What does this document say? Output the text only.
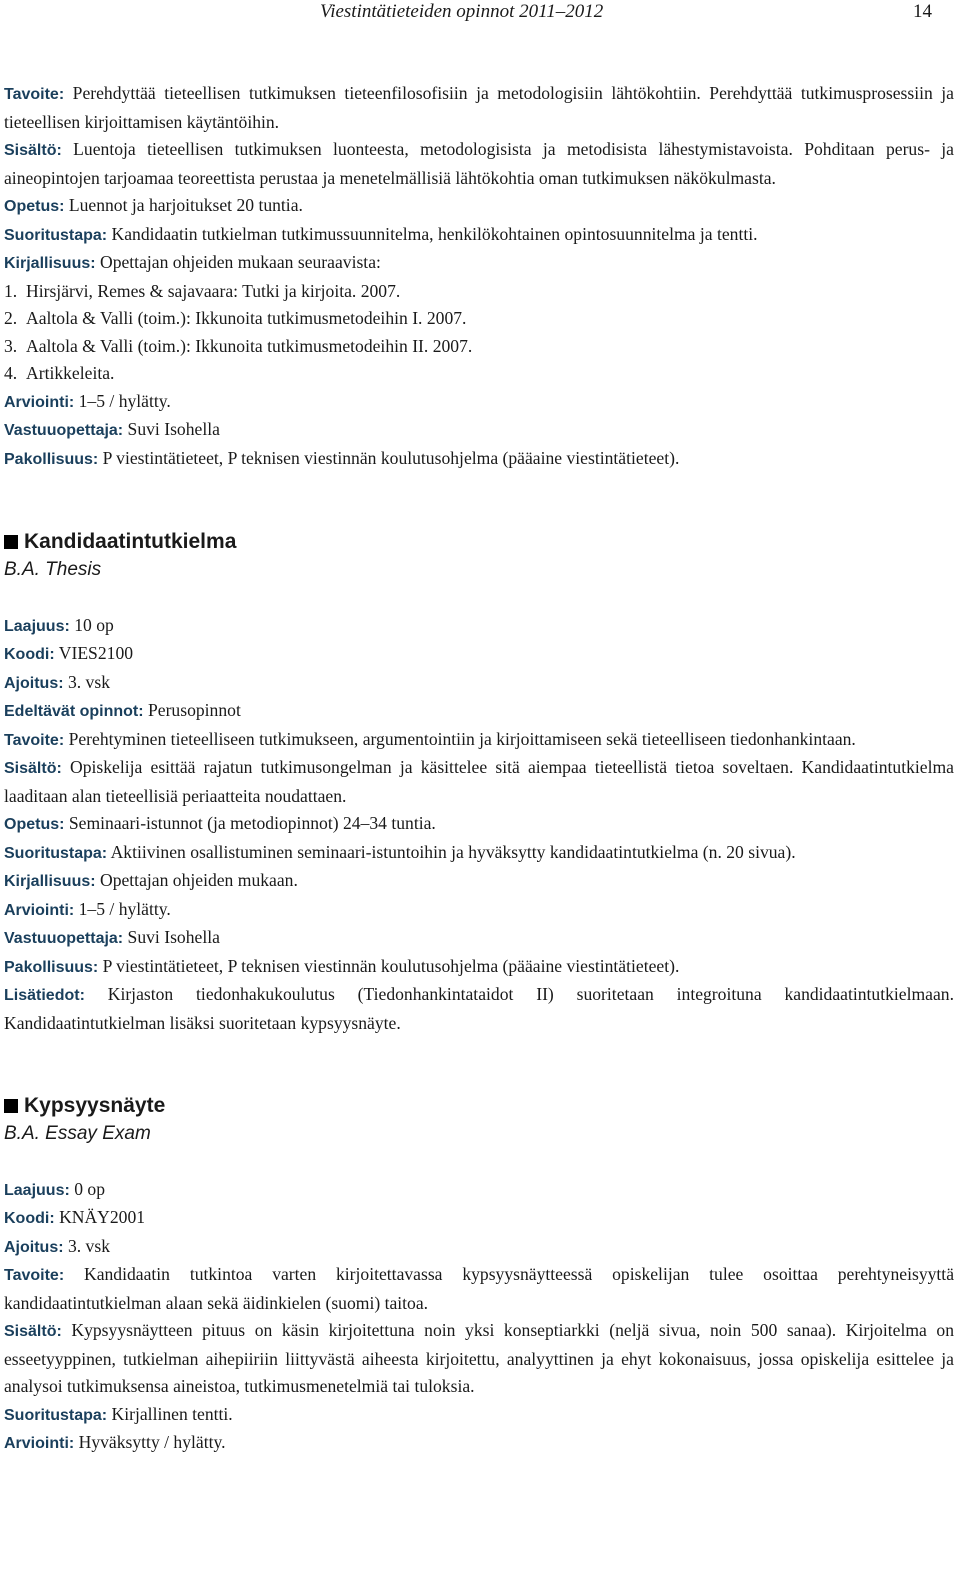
Viestintätieteiden opinnot 2011–2012	14

Tavoite: Perehdyttää tieteellisen tutkimuksen tieteenfilosofisiin ja metodologisiin lähtökohtiin. Perehdyttää tutkimusprosessiin ja tieteellisen kirjoittamisen käytäntöihin.

Sisältö: Luentoja tieteellisen tutkimuksen luonteesta, metodologisista ja metodisista lähestymistavoista. Pohditaan perus- ja aineopintojen tarjoamaa teoreettista perustaa ja menetelmällisiä lähtökohtia oman tutkimuksen näkökulmasta.

Opetus: Luennot ja harjoitukset 20 tuntia.

Suoritustapa: Kandidaatin tutkielman tutkimussuunnitelma, henkilökohtainen opintosuunnitelma ja tentti.

Kirjallisuus: Opettajan ohjeiden mukaan seuraavista:

1. Hirsjärvi, Remes & sajavaara: Tutki ja kirjoita. 2007.

2. Aaltola & Valli (toim.): Ikkunoita tutkimusmetodeihin I. 2007.

3. Aaltola & Valli (toim.): Ikkunoita tutkimusmetodeihin II. 2007.

4. Artikkeleita.

Arviointi: 1–5 / hylätty.

Vastuuopettaja: Suvi Isohella

Pakollisuus: P viestintätieteet, P teknisen viestinnän koulutusohjelma (pääaine viestintätieteet).

Kandidaatintutkielma
B.A. Thesis

Laajuus: 10 op

Koodi: VIES2100

Ajoitus: 3. vsk

Edeltävät opinnot: Perusopinnot

Tavoite: Perehtyminen tieteelliseen tutkimukseen, argumentointiin ja kirjoittamiseen sekä tieteelliseen tiedonhankintaan.

Sisältö: Opiskelija esittää rajatun tutkimusongelman ja käsittelee sitä aiempaa tieteellistä tietoa soveltaen. Kandidaatintutkielma laaditaan alan tieteellisiä periaatteita noudattaen.

Opetus: Seminaari-istunnot (ja metodiopinnot) 24–34 tuntia.

Suoritustapa: Aktiivinen osallistuminen seminaari-istuntoihin ja hyväksytty kandidaatintutkielma (n. 20 sivua).

Kirjallisuus: Opettajan ohjeiden mukaan.

Arviointi: 1–5 / hylätty.

Vastuuopettaja: Suvi Isohella

Pakollisuus: P viestintätieteet, P teknisen viestinnän koulutusohjelma (pääaine viestintätieteet).

Lisätiedot: Kirjaston tiedonhakukoulutus (Tiedonhankintataidot II) suoritetaan integroituna kandidaatintutkielmaan. Kandidaatintutkielman lisäksi suoritetaan kypsyysnäyte.

Kypsyysnäyte
B.A. Essay Exam

Laajuus: 0 op

Koodi: KNÄY2001

Ajoitus: 3. vsk

Tavoite: Kandidaatin tutkintoa varten kirjoitettavassa kypsyysnäytteessä opiskelijan tulee osoittaa perehtyneisyyttä kandidaatintutkielman alaan sekä äidinkielen (suomi) taitoa.

Sisältö: Kypsyysnäytteen pituus on käsin kirjoitettuna noin yksi konseptiarkki (neljä sivua, noin 500 sanaa). Kirjoitelma on esseetyyppinen, tutkielman aihepiiriin liittyvästä aiheesta kirjoitettu, analyyttinen ja ehyt kokonaisuus, jossa opiskelija esittelee ja analysoi tutkimuksensa aineistoa, tutkimusmenetelmiä tai tuloksia.

Suoritustapa: Kirjallinen tentti.

Arviointi: Hyväksytty / hylätty.
